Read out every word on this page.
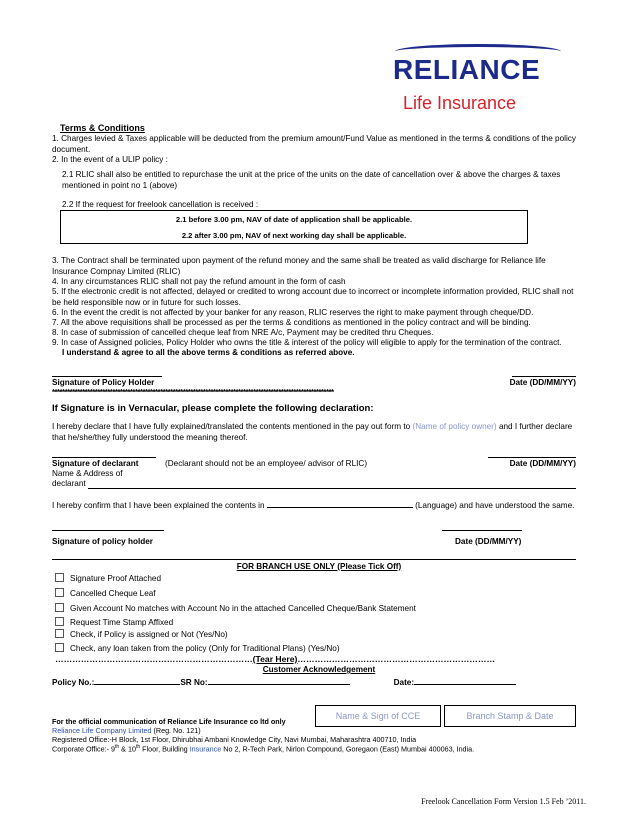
RELIANCE
Life Insurance
Terms & Conditions
1. Charges levied & Taxes applicable will be deducted from the premium amount/Fund Value as mentioned in the terms & conditions of the policy document.
2. In the event of a ULIP policy :
2.1 RLIC shall also be entitled to repurchase the unit at the price of the units on the date of cancellation over & above the charges & taxes mentioned in point no 1 (above)
2.2 If the request for freelook cancellation is received :
2.1 before 3.00 pm, NAV of date of application shall be applicable.
2.2 after 3.00 pm, NAV of next working day shall be applicable.
3. The Contract shall be terminated upon payment of the refund money and the same shall be treated as valid discharge for Reliance life Insurance Compnay Limited (RLIC)
4. In any circumstances RLIC shall not pay the refund amount in the form of cash
5. If the electronic credit is not affected, delayed or credited to wrong account due to incorrect or incomplete information provided, RLIC shall not be held responsible now or in future for such losses.
6. In the event the credit is not affected by your banker for any reason, RLIC reserves the right to make payment through cheque/DD.
7. All the above requisitions shall be processed as per the terms & conditions as mentioned in the policy contract and will be binding.
8. In case of submission of cancelled cheque leaf from NRE A/c, Payment may be credited thru Cheques.
9. In case of Assigned policies, Policy Holder who owns the title & interest of the policy will eligible to apply for the termination of the contract.
I understand & agree to all the above terms & conditions as referred above.
Signature of Policy Holder	Date (DD/MM/YY)
****************************************************************************************************************
If Signature is in Vernacular, please complete the following declaration:
I hereby declare that I have fully explained/translated the contents mentioned in the pay out form to (Name of policy owner) and I further declare that he/she/they fully understood the meaning thereof.
Signature of declarant	(Declarant should not be an employee/ advisor of RLIC)	Date (DD/MM/YY)
Name & Address of
declarant
I hereby confirm that I have been explained the contents in	(Language) and have understood the same.
Signature of policy holder	Date (DD/MM/YY)
FOR BRANCH USE ONLY (Please Tick Off)
Signature Proof Attached
Cancelled Cheque Leaf
Given Account No matches with Account No in the attached Cancelled Cheque/Bank Statement
Request Time Stamp Affixed
Check, if Policy is assigned or Not (Yes/No)
Check, any loan taken from the policy (Only for Traditional Plans) (Yes/No)
……………………………………………………………(Tear Here)……………………………………………………………
Customer Acknowledgement
Policy No.:	SR No:	Date:
Name & Sign of CCE	Branch Stamp & Date
For the official communication of Reliance Life Insurance co ltd only
Reliance Life Company Limited (Reg. No. 121)
Registered Office:-H Block, 1st Floor, Dhirubhai Ambani Knowledge City, Navi Mumbai, Maharashtra 400710, India
Corporate Office:- 9th & 10th Floor, Building Insurance No 2, R-Tech Park, Nirlon Compound, Goregaon (East) Mumbai 400063, India.
Freelook Cancellation Form Version 1.5 Feb ’2011.
